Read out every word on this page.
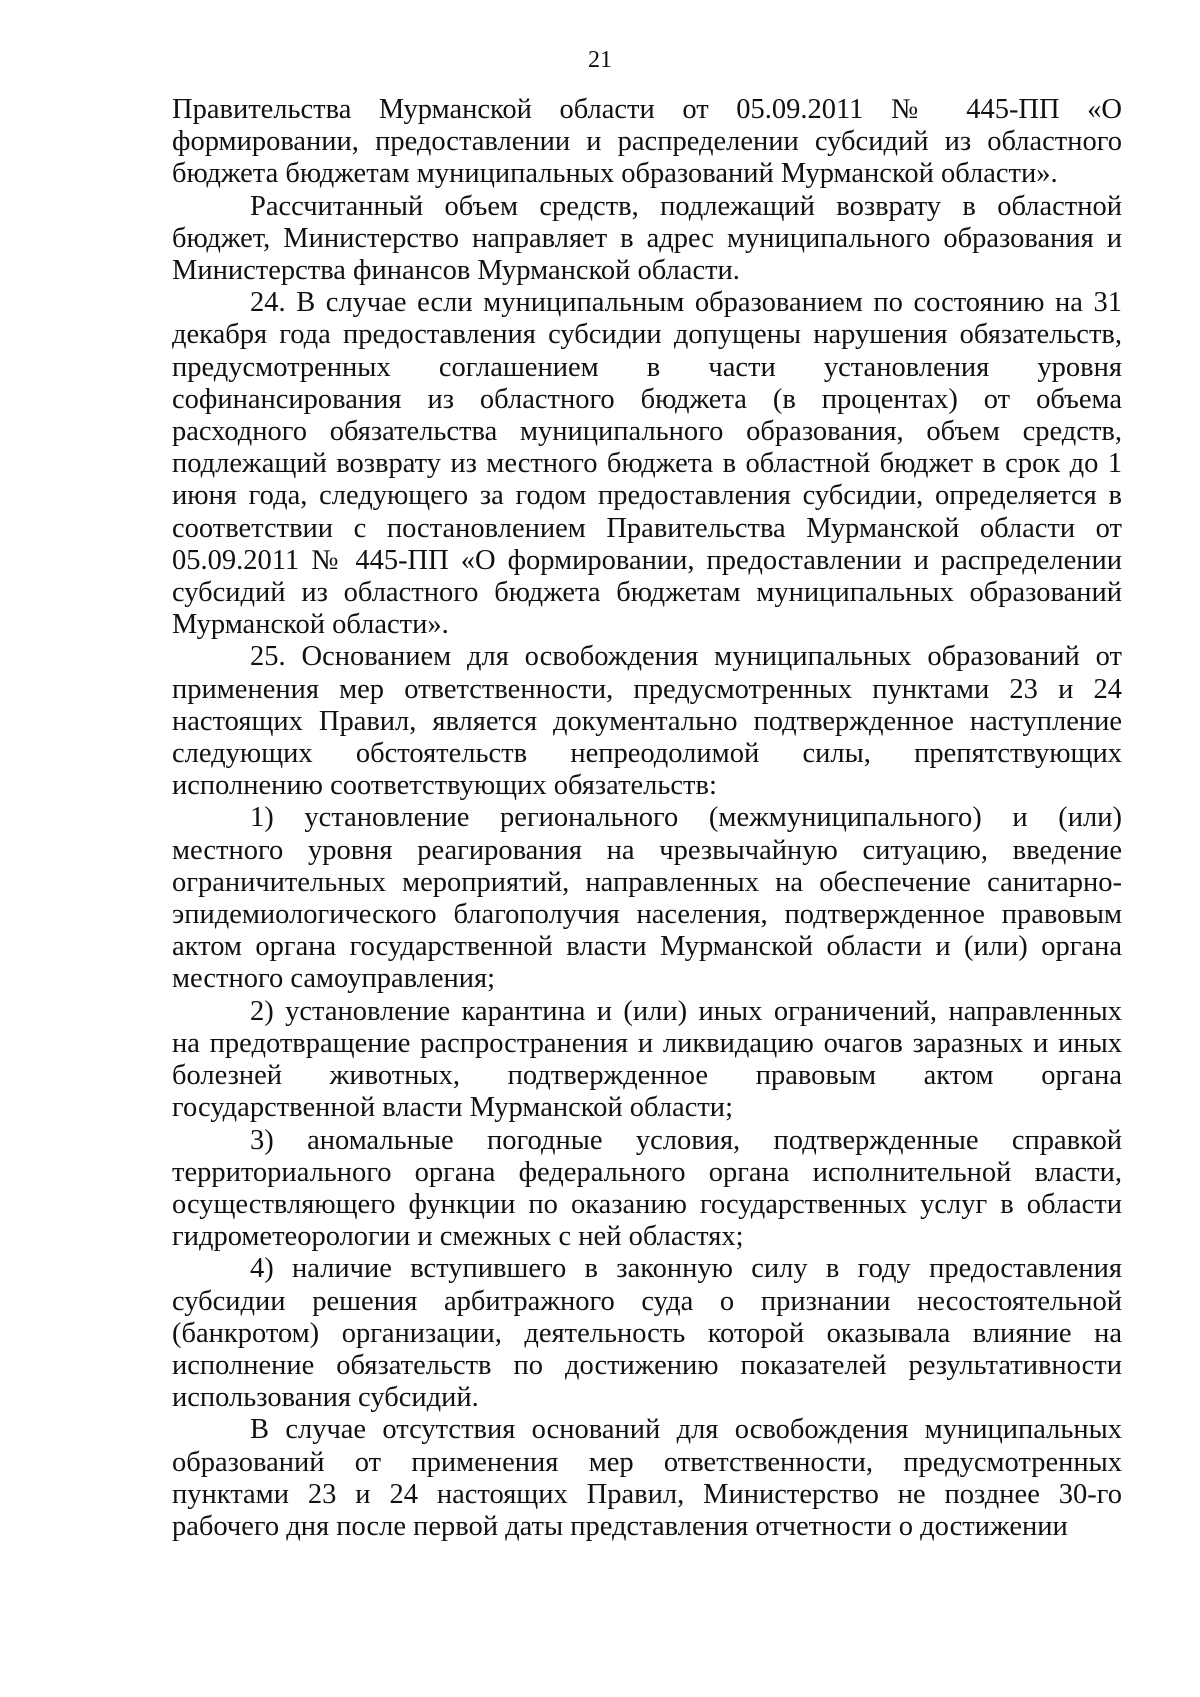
21

Правительства Мурманской области от 05.09.2011 № 445-ПП «О формировании, предоставлении и распределении субсидий из областного бюджета бюджетам муниципальных образований Мурманской области».

Рассчитанный объем средств, подлежащий возврату в областной бюджет, Министерство направляет в адрес муниципального образования и Министерства финансов Мурманской области.

24. В случае если муниципальным образованием по состоянию на 31 декабря года предоставления субсидии допущены нарушения обязательств, предусмотренных соглашением в части установления уровня софинансирования из областного бюджета (в процентах) от объема расходного обязательства муниципального образования, объем средств, подлежащий возврату из местного бюджета в областной бюджет в срок до 1 июня года, следующего за годом предоставления субсидии, определяется в соответствии с постановлением Правительства Мурманской области от 05.09.2011 № 445-ПП «О формировании, предоставлении и распределении субсидий из областного бюджета бюджетам муниципальных образований Мурманской области».

25. Основанием для освобождения муниципальных образований от применения мер ответственности, предусмотренных пунктами 23 и 24 настоящих Правил, является документально подтвержденное наступление следующих обстоятельств непреодолимой силы, препятствующих исполнению соответствующих обязательств:

1) установление регионального (межмуниципального) и (или) местного уровня реагирования на чрезвычайную ситуацию, введение ограничительных мероприятий, направленных на обеспечение санитарно-эпидемиологического благополучия населения, подтвержденное правовым актом органа государственной власти Мурманской области и (или) органа местного самоуправления;

2) установление карантина и (или) иных ограничений, направленных на предотвращение распространения и ликвидацию очагов заразных и иных болезней животных, подтвержденное правовым актом органа государственной власти Мурманской области;

3) аномальные погодные условия, подтвержденные справкой территориального органа федерального органа исполнительной власти, осуществляющего функции по оказанию государственных услуг в области гидрометеорологии и смежных с ней областях;

4) наличие вступившего в законную силу в году предоставления субсидии решения арбитражного суда о признании несостоятельной (банкротом) организации, деятельность которой оказывала влияние на исполнение обязательств по достижению показателей результативности использования субсидий.

В случае отсутствия оснований для освобождения муниципальных образований от применения мер ответственности, предусмотренных пунктами 23 и 24 настоящих Правил, Министерство не позднее 30-го рабочего дня после первой даты представления отчетности о достижении
